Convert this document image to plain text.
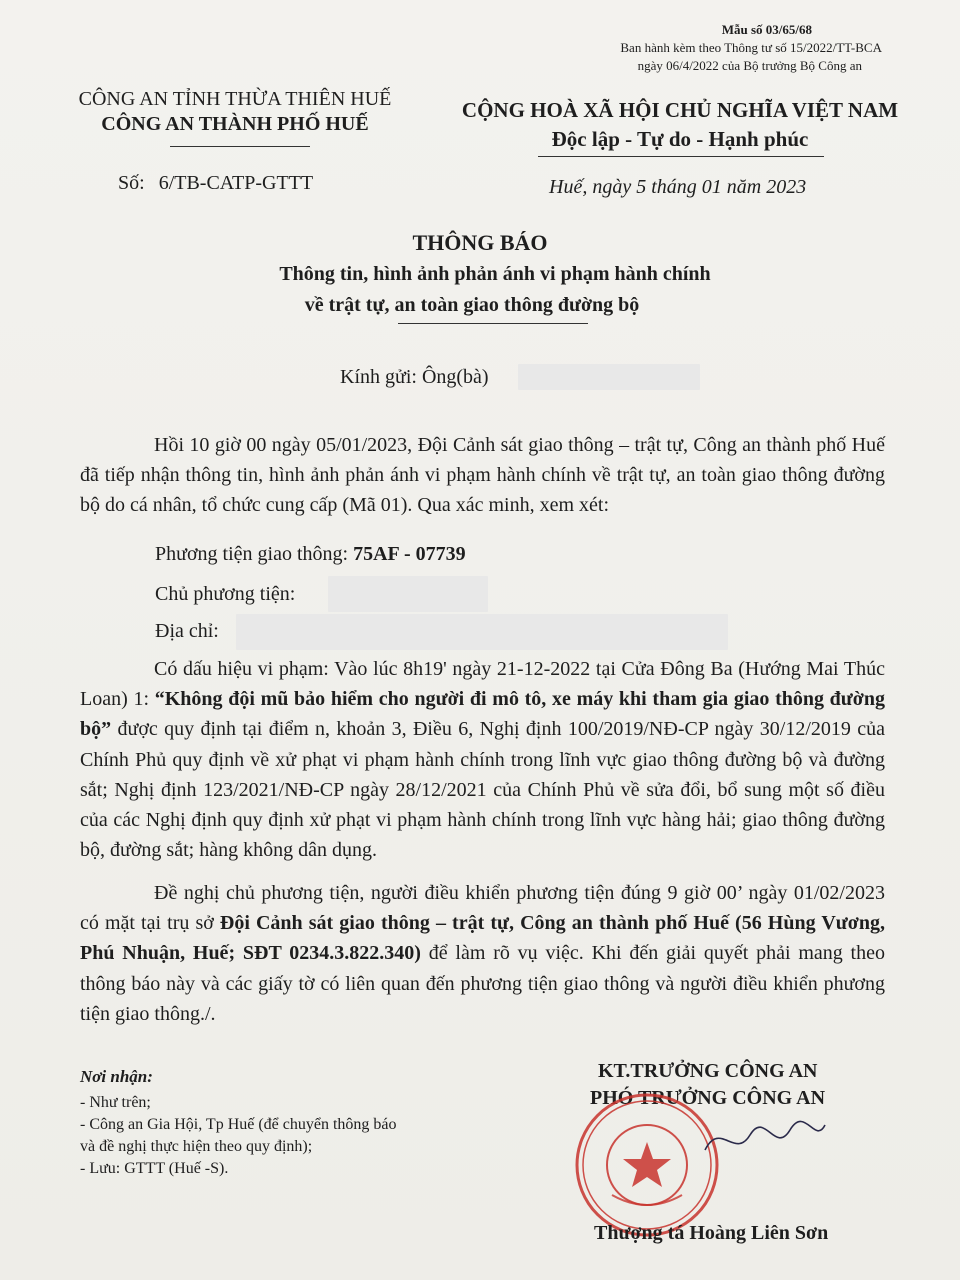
Mẫu số 03/65/68
Ban hành kèm theo Thông tư số 15/2022/TT-BCA
ngày 06/4/2022 của Bộ trưởng Bộ Công an
CÔNG AN TỈNH THỪA THIÊN HUẾ
CÔNG AN THÀNH PHỐ HUẾ
CỘNG HOÀ XÃ HỘI CHỦ NGHĨA VIỆT NAM
Độc lập - Tự do - Hạnh phúc
Số: 6/TB-CATP-GTTT	Huế, ngày 5 tháng 01 năm 2023
THÔNG BÁO
Thông tin, hình ảnh phản ánh vi phạm hành chính
về trật tự, an toàn giao thông đường bộ
Kính gửi: Ông(bà)
Hồi 10 giờ 00 ngày 05/01/2023, Đội Cảnh sát giao thông – trật tự, Công an thành phố Huế đã tiếp nhận thông tin, hình ảnh phản ánh vi phạm hành chính về trật tự, an toàn giao thông đường bộ do cá nhân, tổ chức cung cấp (Mã 01). Qua xác minh, xem xét:
Phương tiện giao thông: 75AF - 07739
Chủ phương tiện:
Địa chỉ:
Có dấu hiệu vi phạm: Vào lúc 8h19' ngày 21-12-2022 tại Cửa Đông Ba (Hướng Mai Thúc Loan) 1: “Không đội mũ bảo hiểm cho người đi mô tô, xe máy khi tham gia giao thông đường bộ” được quy định tại điểm n, khoản 3, Điều 6, Nghị định 100/2019/NĐ-CP ngày 30/12/2019 của Chính Phủ quy định về xử phạt vi phạm hành chính trong lĩnh vực giao thông đường bộ và đường sắt; Nghị định 123/2021/NĐ-CP ngày 28/12/2021 của Chính Phủ về sửa đổi, bổ sung một số điều của các Nghị định quy định xử phạt vi phạm hành chính trong lĩnh vực hàng hải; giao thông đường bộ, đường sắt; hàng không dân dụng.
Đề nghị chủ phương tiện, người điều khiển phương tiện đúng 9 giờ 00’ ngày 01/02/2023 có mặt tại trụ sở Đội Cảnh sát giao thông – trật tự, Công an thành phố Huế (56 Hùng Vương, Phú Nhuận, Huế; SĐT 0234.3.822.340) để làm rõ vụ việc. Khi đến giải quyết phải mang theo thông báo này và các giấy tờ có liên quan đến phương tiện giao thông và người điều khiển phương tiện giao thông./.
Nơi nhận:
- Như trên;
- Công an Gia Hội, Tp Huế (để chuyển thông báo
và đề nghị thực hiện theo quy định);
- Lưu: GTTT (Huế -S).
KT.TRƯỞNG CÔNG AN
PHÓ TRƯỞNG CÔNG AN
Thượng tá Hoàng Liên Sơn
